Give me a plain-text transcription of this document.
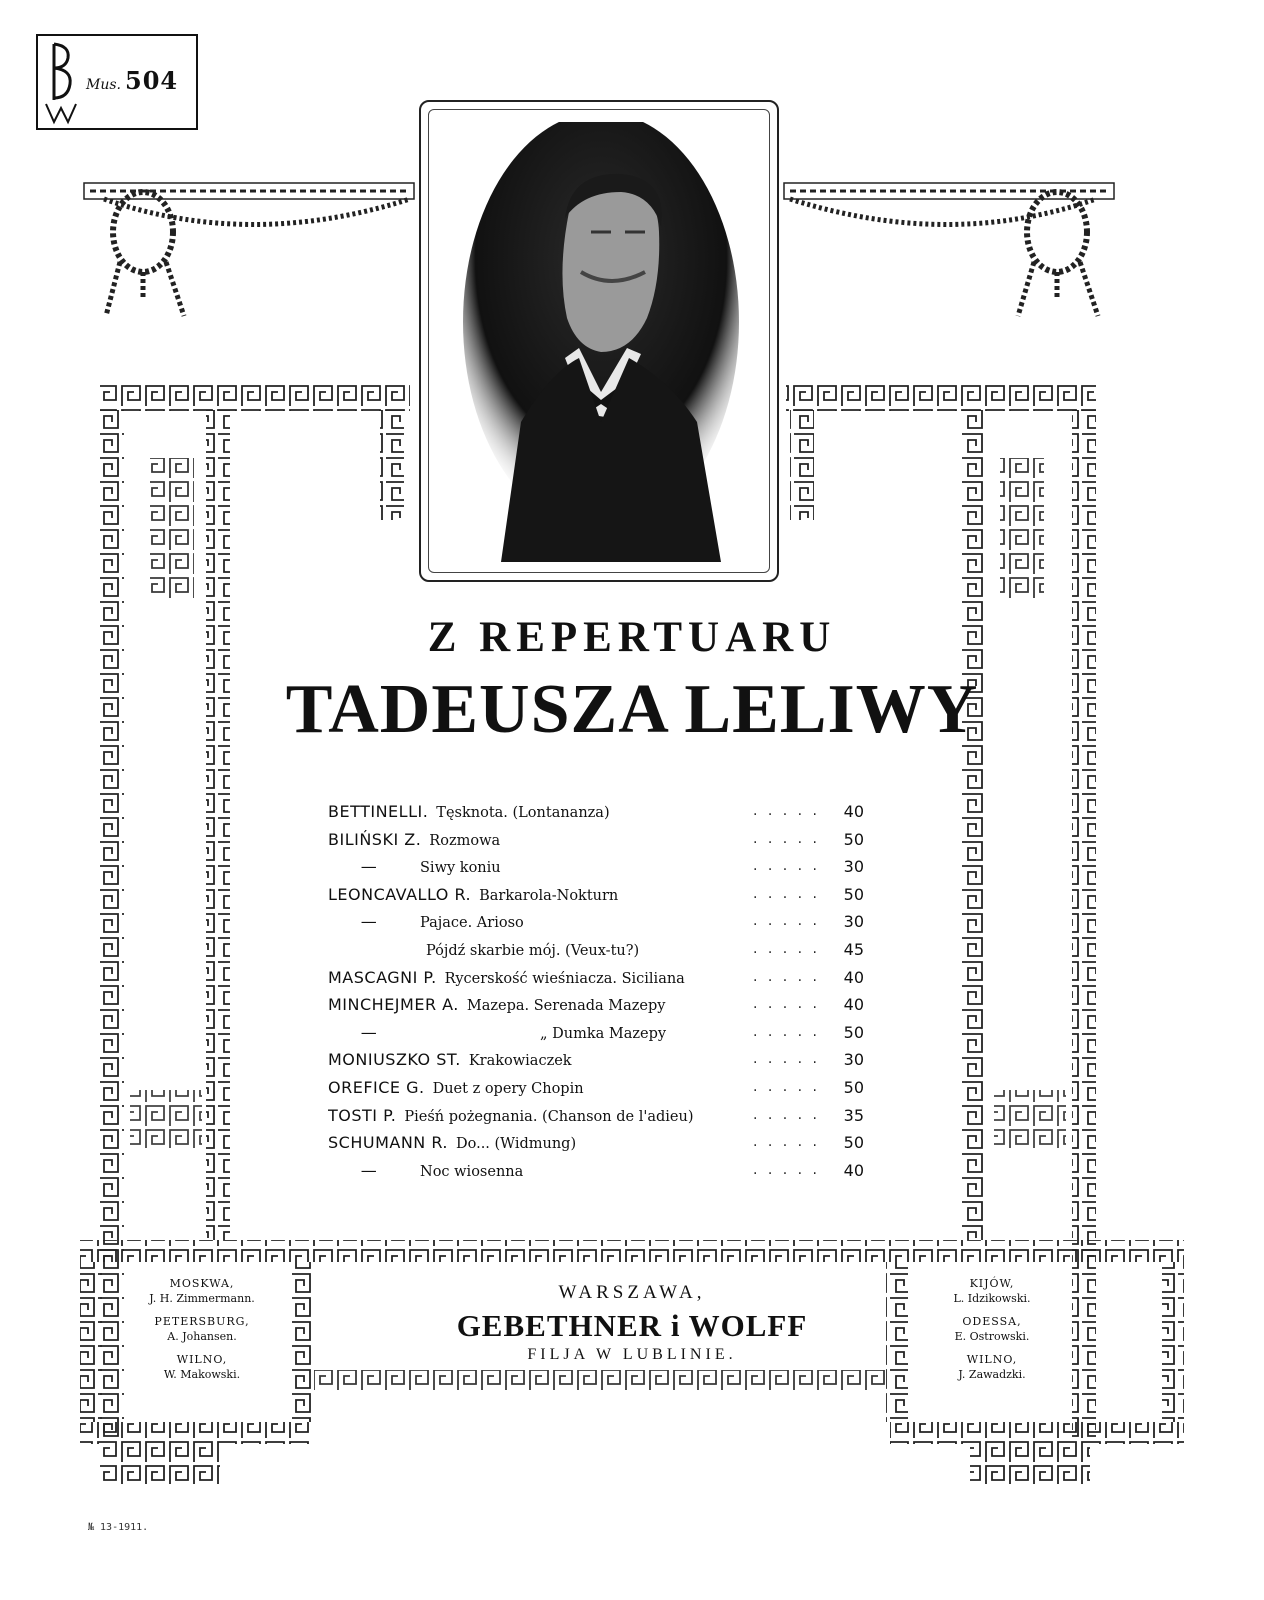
Mus. 504
Z REPERTUARU
TADEUSZA LELIWY
BETTINELLI. Tęsknota. (Lontananza)	. . . . .	40
BILIŃSKI Z. Rozmowa	. . . . .	50
—	Siwy koniu	. . . . .	30
LEONCAVALLO R. Barkarola-Nokturn	. . . . .	50
—	Pajace. Arioso	. . . . .	30
Pójdź skarbie mój. (Veux-tu?)	. . . . .	45
MASCAGNI P. Rycerskość wieśniacza. Siciliana	. . . . .	40
MINCHEJMER A. Mazepa. Serenada Mazepy	. . . . .	40
—	„ Dumka Mazepy	. . . . .	50
MONIUSZKO ST. Krakowiaczek	. . . . .	30
OREFICE G. Duet z opery Chopin	. . . . .	50
TOSTI P. Pieśń pożegnania. (Chanson de l'adieu)	. . . . .	35
SCHUMANN R. Do... (Widmung)	. . . . .	50
—	Noc wiosenna	. . . . .	40
WARSZAWA,
GEBETHNER i WOLFF
FILJA W LUBLINIE.
MOSKWA,
J. H. Zimmermann.
PETERSBURG,
A. Johansen.
WILNO,
W. Makowski.
KIJÓW,
L. Idzikowski.
ODESSA,
E. Ostrowski.
WILNO,
J. Zawadzki.
№ 13-1911.
